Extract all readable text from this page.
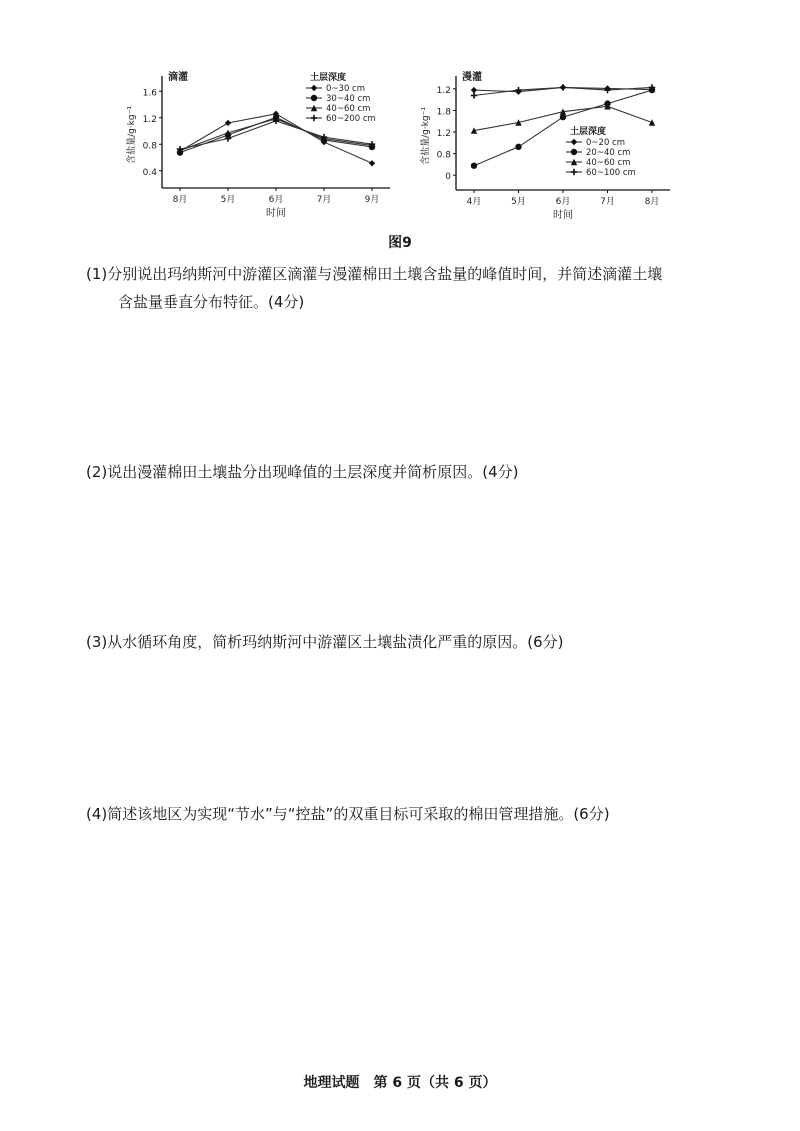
0.4
0.8
1.2
1.6
8月	5月	6月	7月	9月
时间
含盐量/g·kg⁻¹
滴灌	土层深度
0~30 cm
30~40 cm
40~60 cm
60~200 cm
0
0.8
1.2
1.8
1.2
4月	5月	6月	7月	8月
时间
含盐量/g·kg⁻¹
漫灌
土层深度
0~20 cm
20~40 cm
40~60 cm
60~100 cm
图9
(1)分别说出玛纳斯河中游灌区滴灌与漫灌棉田土壤含盐量的峰值时间，并简述滴灌土壤
含盐量垂直分布特征。(4分)
(2)说出漫灌棉田土壤盐分出现峰值的土层深度并简析原因。(4分)
(3)从水循环角度，简析玛纳斯河中游灌区土壤盐渍化严重的原因。(6分)
(4)简述该地区为实现“节水”与“控盐”的双重目标可采取的棉田管理措施。(6分)
地理试题　第 6 页（共 6 页）
